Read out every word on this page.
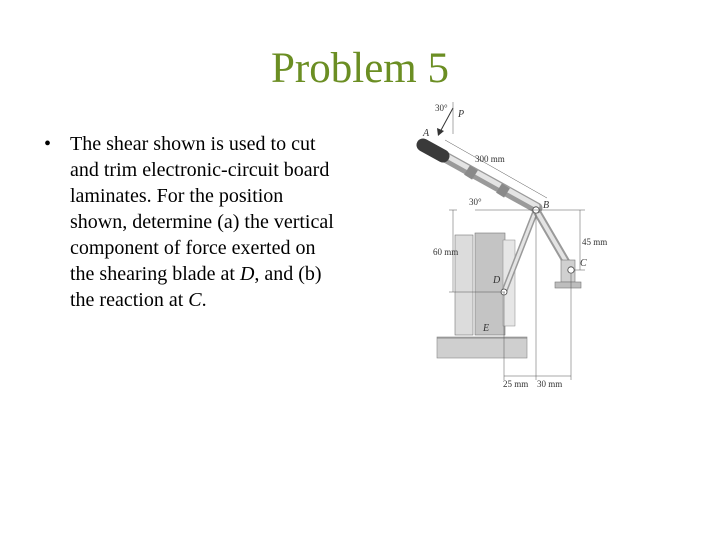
Problem 5
• The shear shown is used to cut and trim electronic-circuit board laminates. For the position shown, determine (a) the vertical component of force exerted on the shearing blade at D, and (b) the reaction at C.

30°
P
A
300 mm
30°	B
60 mm
45 mm
C
D
E
25 mm 30 mm
